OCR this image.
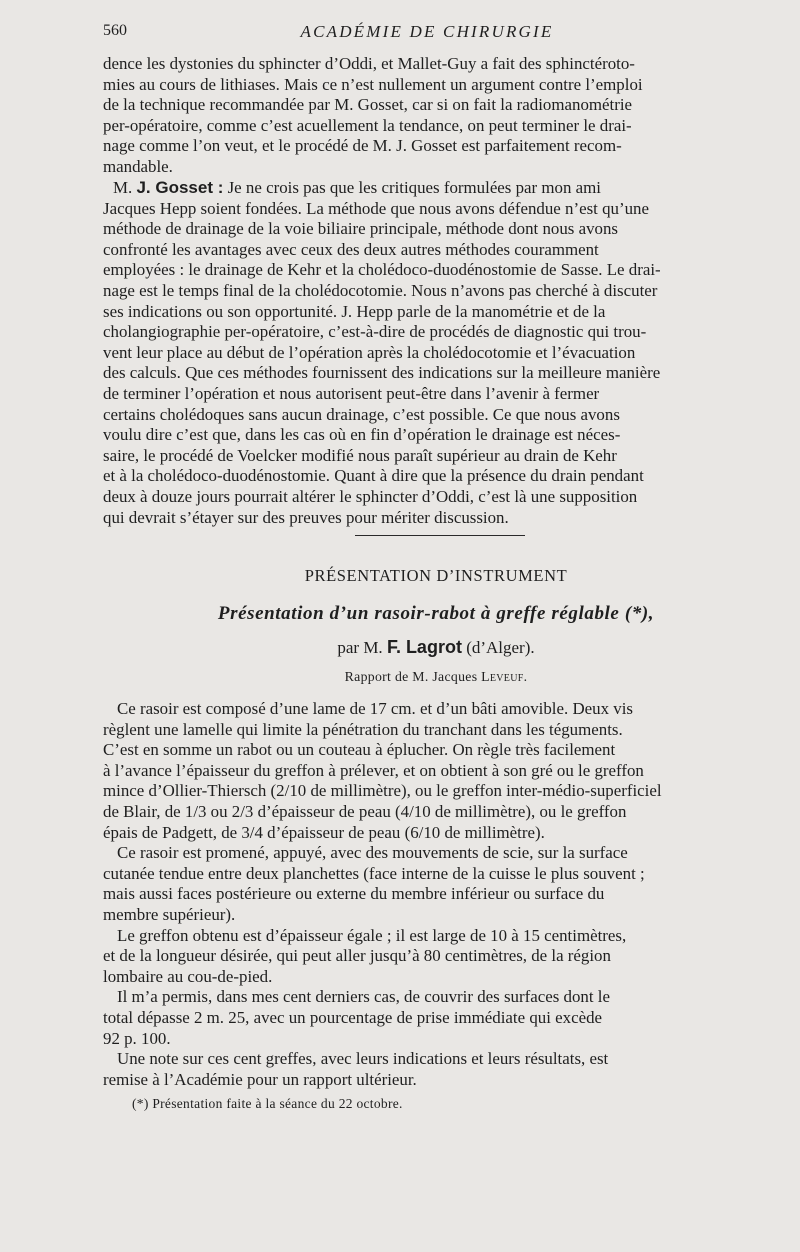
560	ACADÉMIE DE CHIRURGIE
dence les dystonies du sphincter d’Oddi, et Mallet-Guy a fait des sphinctéroto-
mies au cours de lithiases. Mais ce n’est nullement un argument contre l’emploi
de la technique recommandée par M. Gosset, car si on fait la radiomanométrie
per-opératoire, comme c’est acuellement la tendance, on peut terminer le drai-
nage comme l’on veut, et le procédé de M. J. Gosset est parfaitement recom-
mandable.
M. J. Gosset : Je ne crois pas que les critiques formulées par mon ami
Jacques Hepp soient fondées. La méthode que nous avons défendue n’est qu’une
méthode de drainage de la voie biliaire principale, méthode dont nous avons
confronté les avantages avec ceux des deux autres méthodes couramment
employées : le drainage de Kehr et la cholédoco-duodénostomie de Sasse. Le drai-
nage est le temps final de la cholédocotomie. Nous n’avons pas cherché à discuter
ses indications ou son opportunité. J. Hepp parle de la manométrie et de la
cholangiographie per-opératoire, c’est-à-dire de procédés de diagnostic qui trou-
vent leur place au début de l’opération après la cholédocotomie et l’évacuation
des calculs. Que ces méthodes fournissent des indications sur la meilleure manière
de terminer l’opération et nous autorisent peut-être dans l’avenir à fermer
certains cholédoques sans aucun drainage, c’est possible. Ce que nous avons
voulu dire c’est que, dans les cas où en fin d’opération le drainage est néces-
saire, le procédé de Voelcker modifié nous paraît supérieur au drain de Kehr
et à la cholédoco-duodénostomie. Quant à dire que la présence du drain pendant
deux à douze jours pourrait altérer le sphincter d’Oddi, c’est là une supposition
qui devrait s’étayer sur des preuves pour mériter discussion.
PRÉSENTATION D’INSTRUMENT
Présentation d’un rasoir-rabot à greffe réglable (*),
par M. F. Lagrot (d’Alger).
Rapport de M. Jacques Leveuf.

Ce rasoir est composé d’une lame de 17 cm. et d’un bâti amovible. Deux vis
règlent une lamelle qui limite la pénétration du tranchant dans les téguments.
C’est en somme un rabot ou un couteau à éplucher. On règle très facilement
à l’avance l’épaisseur du greffon à prélever, et on obtient à son gré ou le greffon
mince d’Ollier-Thiersch (2/10 de millimètre), ou le greffon inter-médio-superficiel
de Blair, de 1/3 ou 2/3 d’épaisseur de peau (4/10 de millimètre), ou le greffon
épais de Padgett, de 3/4 d’épaisseur de peau (6/10 de millimètre).

Ce rasoir est promené, appuyé, avec des mouvements de scie, sur la surface
cutanée tendue entre deux planchettes (face interne de la cuisse le plus souvent ;
mais aussi faces postérieure ou externe du membre inférieur ou surface du
membre supérieur).

Le greffon obtenu est d’épaisseur égale ; il est large de 10 à 15 centimètres,
et de la longueur désirée, qui peut aller jusqu’à 80 centimètres, de la région
lombaire au cou-de-pied.

Il m’a permis, dans mes cent derniers cas, de couvrir des surfaces dont le
total dépasse 2 m. 25, avec un pourcentage de prise immédiate qui excède
92 p. 100.

Une note sur ces cent greffes, avec leurs indications et leurs résultats, est
remise à l’Académie pour un rapport ultérieur.

(*) Présentation faite à la séance du 22 octobre.
